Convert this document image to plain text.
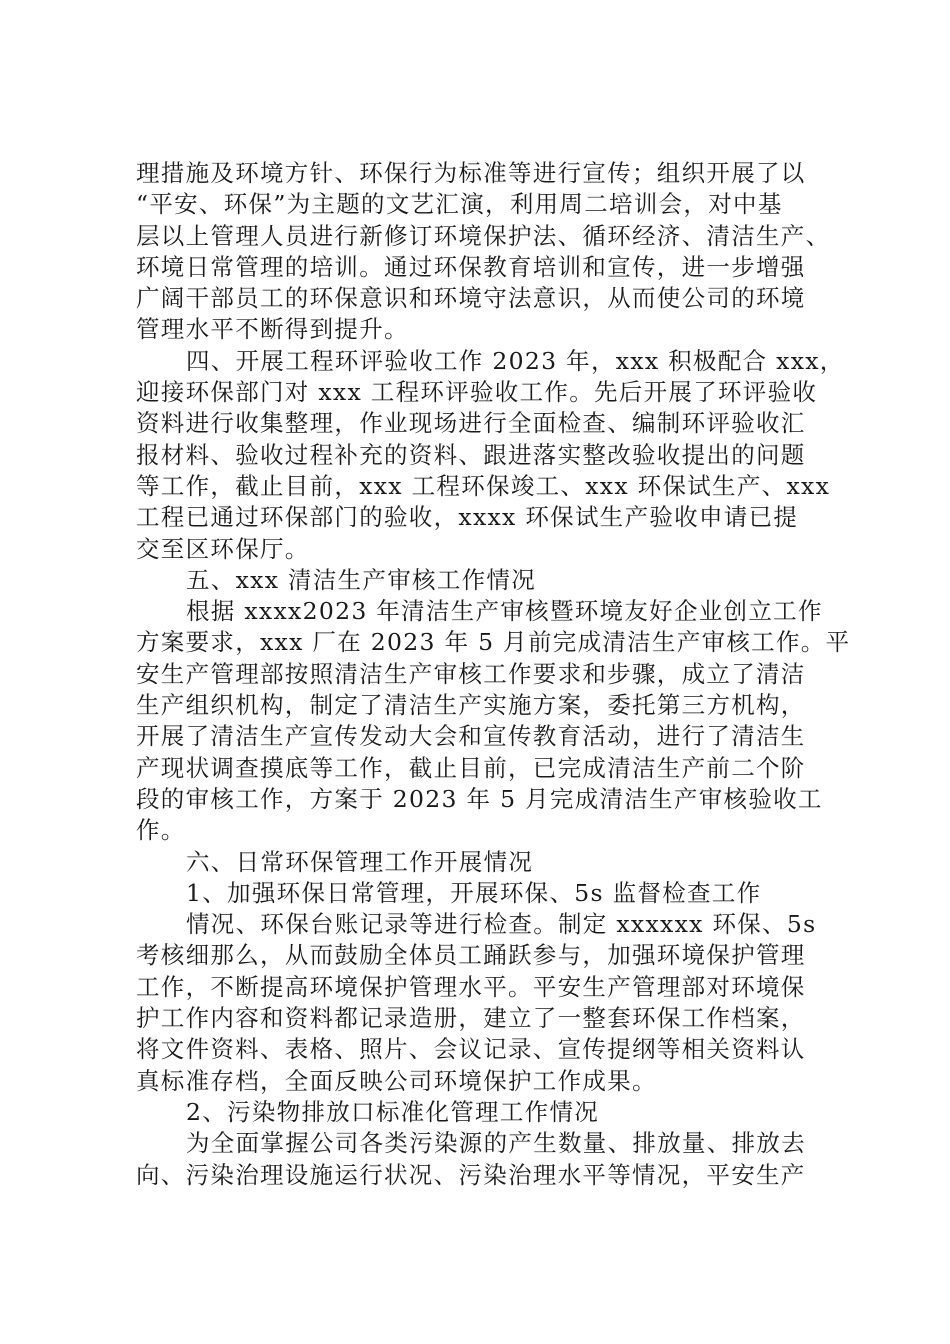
理措施及环境方针、环保行为标准等进行宣传；组织开展了以
“平安、环保”为主题的文艺汇演，利用周二培训会，对中基
层以上管理人员进行新修订环境保护法、循环经济、清洁生产、
环境日常管理的培训。通过环保教育培训和宣传，进一步增强
广阔干部员工的环保意识和环境守法意识，从而使公司的环境
管理水平不断得到提升。
四、开展工程环评验收工作 2023 年，xxx 积极配合 xxx，
迎接环保部门对 xxx 工程环评验收工作。先后开展了环评验收
资料进行收集整理，作业现场进行全面检查、编制环评验收汇
报材料、验收过程补充的资料、跟进落实整改验收提出的问题
等工作，截止目前，xxx 工程环保竣工、xxx 环保试生产、xxx
工程已通过环保部门的验收，xxxx 环保试生产验收申请已提
交至区环保厅。
五、xxx 清洁生产审核工作情况
根据 xxxx2023 年清洁生产审核暨环境友好企业创立工作
方案要求，xxx 厂在 2023 年 5 月前完成清洁生产审核工作。平
安生产管理部按照清洁生产审核工作要求和步骤，成立了清洁
生产组织机构，制定了清洁生产实施方案，委托第三方机构，
开展了清洁生产宣传发动大会和宣传教育活动，进行了清洁生
产现状调查摸底等工作，截止目前，已完成清洁生产前二个阶
段的审核工作，方案于 2023 年 5 月完成清洁生产审核验收工
作。
六、日常环保管理工作开展情况
1、加强环保日常管理，开展环保、5s 监督检查工作
情况、环保台账记录等进行检查。制定 xxxxxx 环保、5s
考核细那么，从而鼓励全体员工踊跃参与，加强环境保护管理
工作，不断提高环境保护管理水平。平安生产管理部对环境保
护工作内容和资料都记录造册，建立了一整套环保工作档案，
将文件资料、表格、照片、会议记录、宣传提纲等相关资料认
真标准存档，全面反映公司环境保护工作成果。
2、污染物排放口标准化管理工作情况
为全面掌握公司各类污染源的产生数量、排放量、排放去
向、污染治理设施运行状况、污染治理水平等情况，平安生产
